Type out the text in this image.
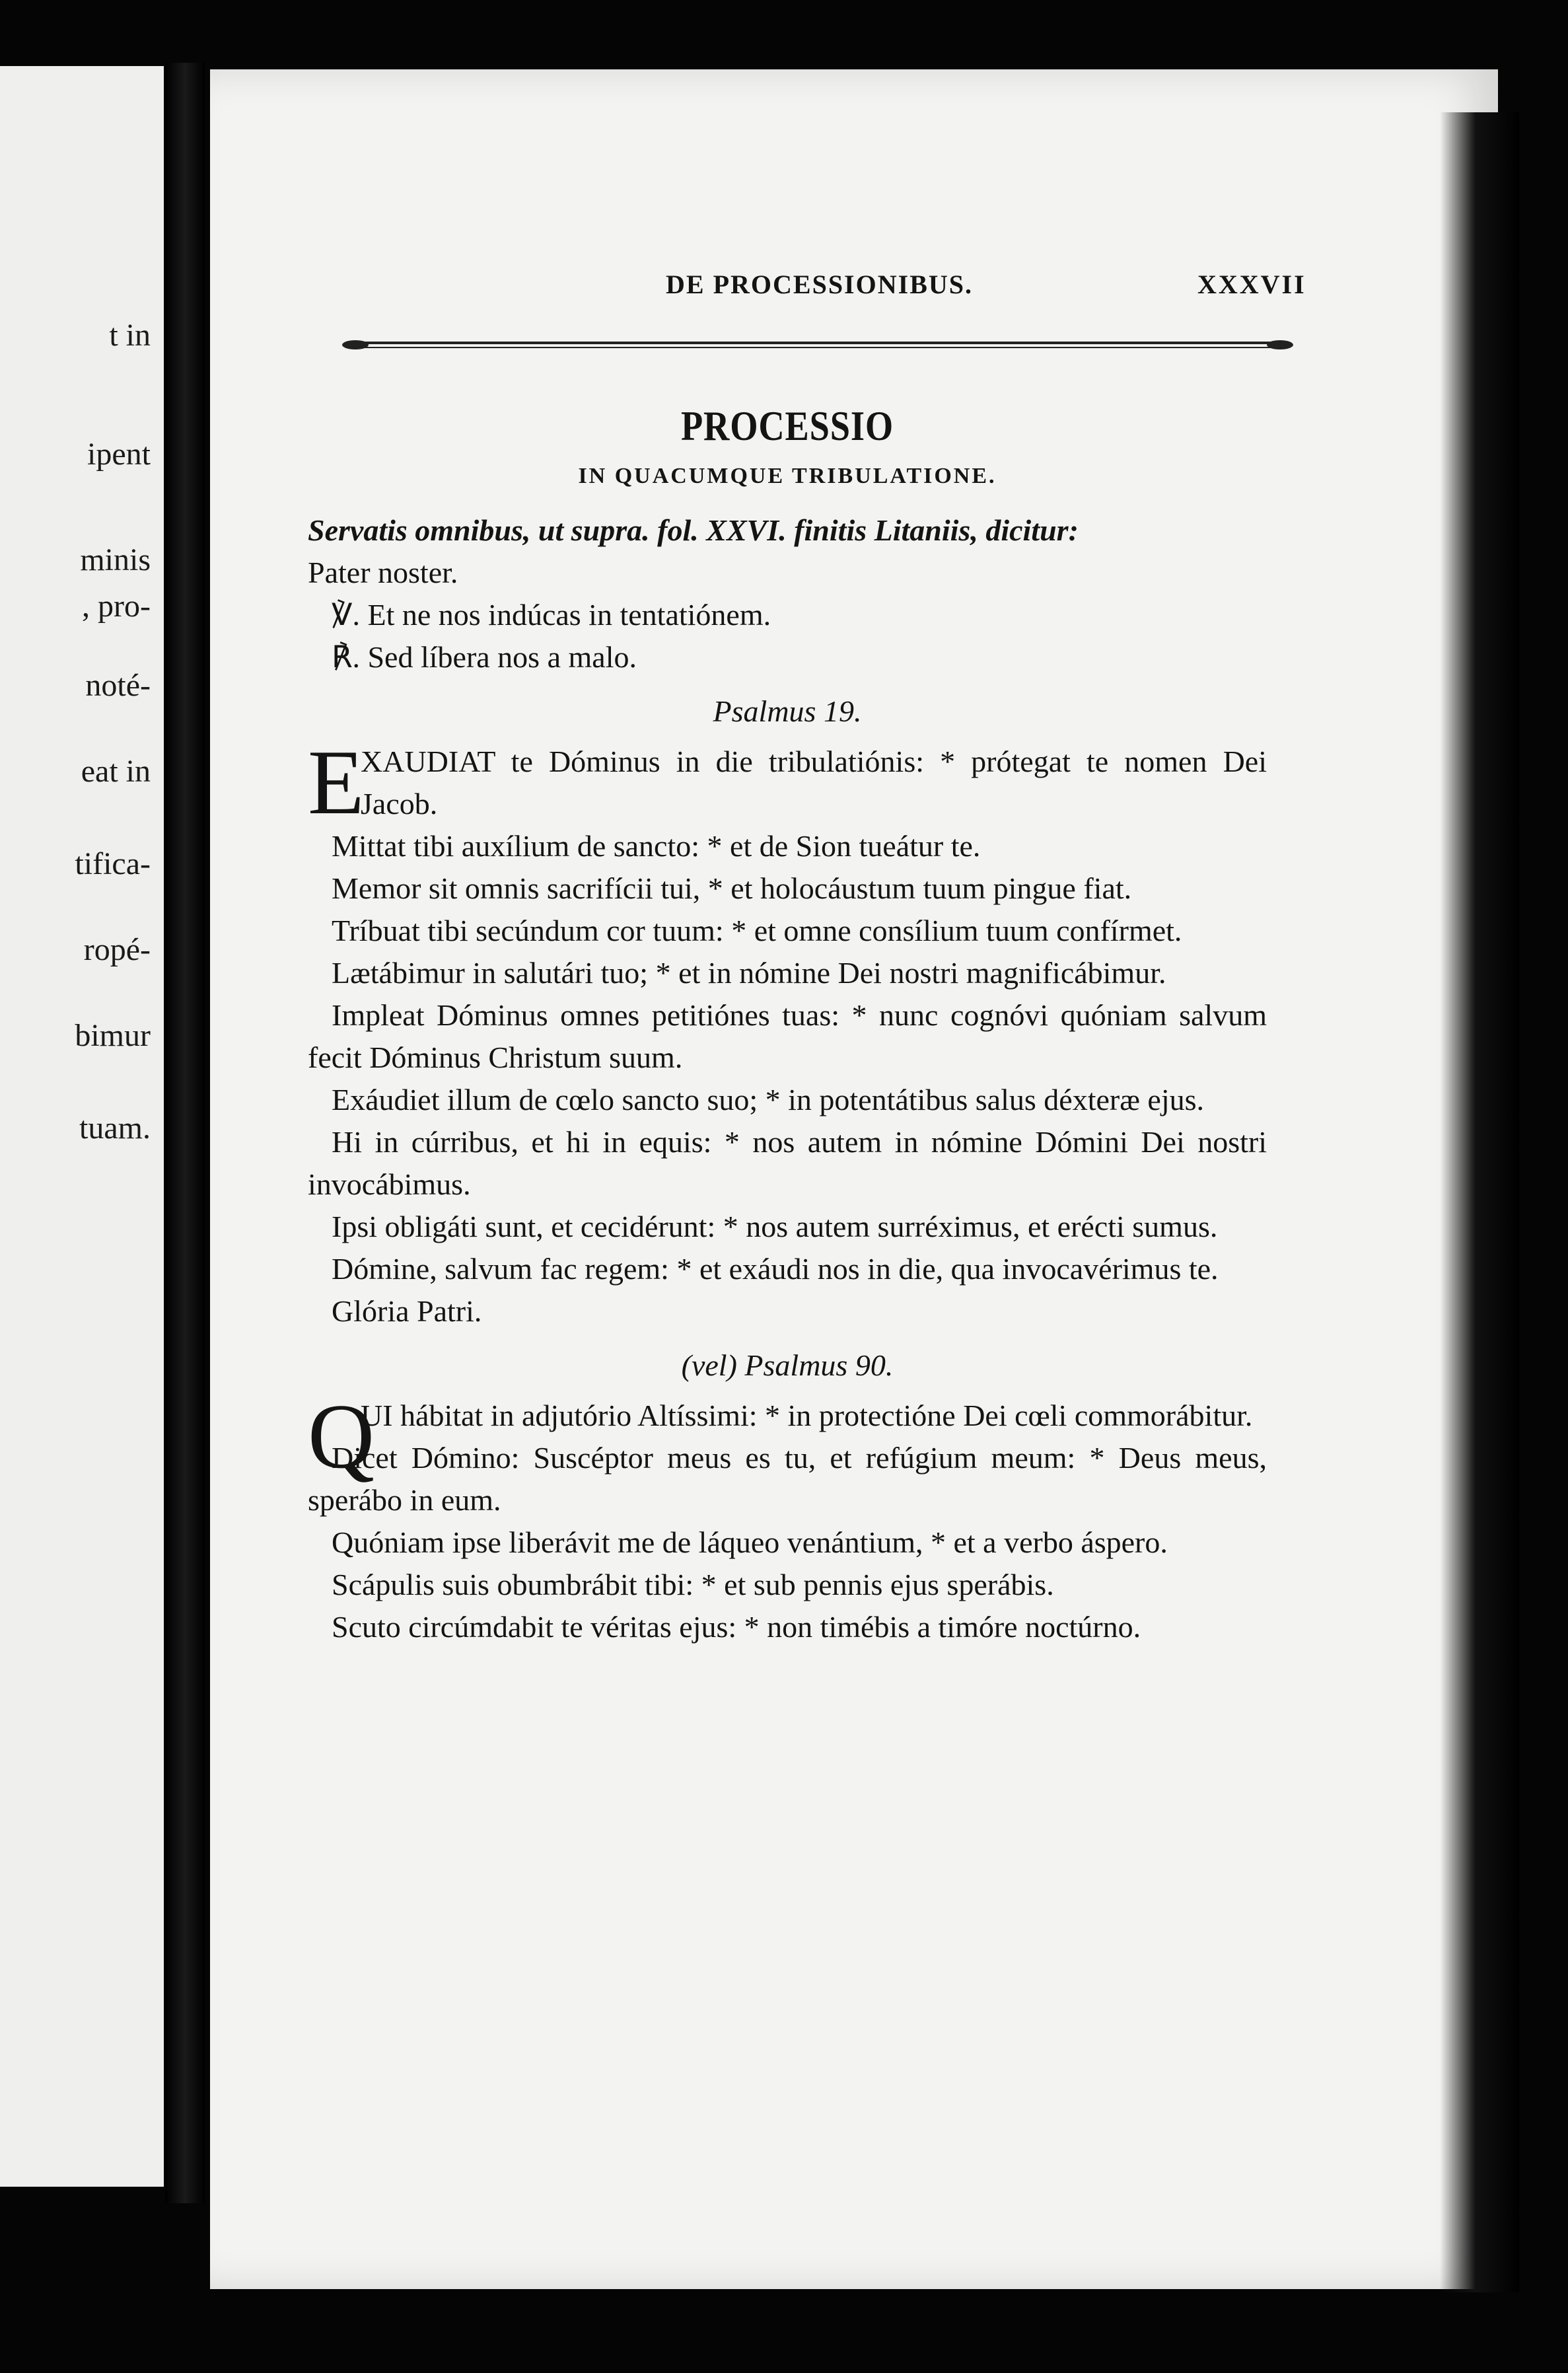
t in
ipent
minis
, pro-
noté-
eat in
tifica-
ropé-
bimur
tuam.
DE PROCESSIONIBUS.	XXXVII
PROCESSIO
IN QUACUMQUE TRIBULATIONE.

Servatis omnibus, ut supra. fol. XXVI. finitis Litaniis, dicitur:

Pater noster.

℣. Et ne nos indúcas in tentatiónem.

℟. Sed líbera nos a malo.

Psalmus 19.

E
XAUDIAT te Dóminus in die tribulatiónis: * prótegat te nomen Dei Jacob.

Mittat tibi auxílium de sancto: * et de Sion tueátur te.

Memor sit omnis sacrifícii tui, * et holocáustum tuum pingue fiat.

Tríbuat tibi secúndum cor tuum: * et omne consílium tuum confírmet.

Lætábimur in salutári tuo; * et in nómine Dei nostri magnificábimur.

Impleat Dóminus omnes petitiónes tuas: * nunc cognóvi quóniam salvum fecit Dóminus Christum suum.

Exáudiet illum de cœlo sancto suo; * in potentátibus salus déxteræ ejus.

Hi in cúrribus, et hi in equis: * nos autem in nómine Dómini Dei nostri invocábimus.

Ipsi obligáti sunt, et cecidérunt: * nos autem surréximus, et erécti sumus.

Dómine, salvum fac regem: * et exáudi nos in die, qua invocavérimus te.

Glória Patri.

(vel) Psalmus 90.

Q
UI hábitat in adjutório Altíssimi: * in protectióne Dei cœli commorábitur.

Dicet Dómino: Suscéptor meus es tu, et refúgium meum: * Deus meus, sperábo in eum.

Quóniam ipse liberávit me de láqueo venántium, * et a verbo áspero.

Scápulis suis obumbrábit tibi: * et sub pennis ejus sperábis.

Scuto circúmdabit te véritas ejus: * non timébis a timóre noctúrno.
